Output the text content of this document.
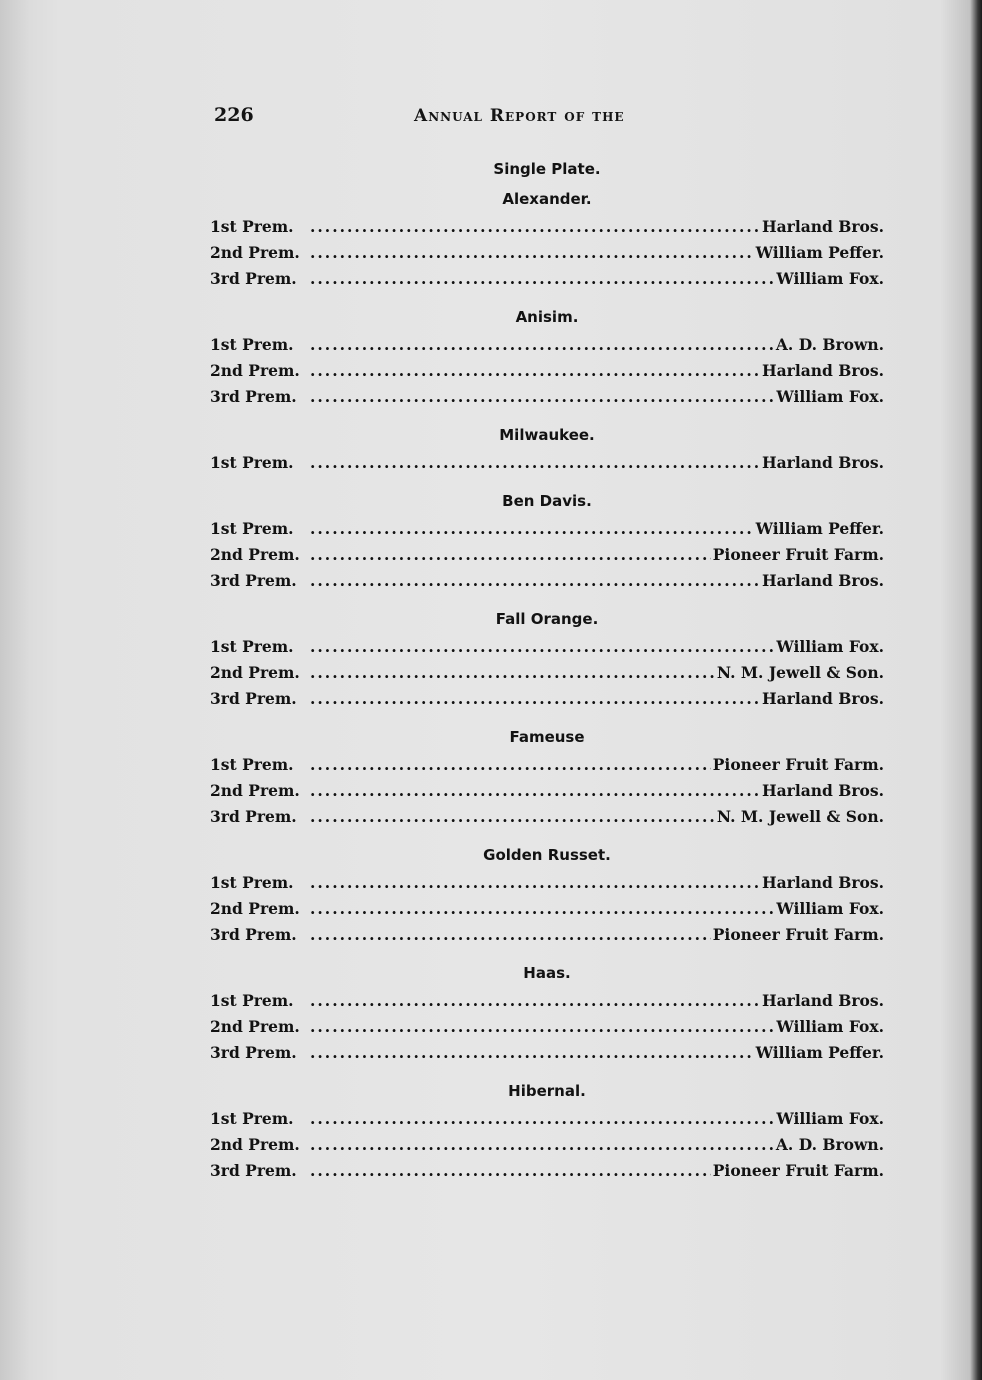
226	Annual Report of the
Single Plate.
Alexander.
1st Prem. .....	Harland Bros.
2nd Prem. .....	William Peffer.
3rd Prem. .....	William Fox.
Anisim.
1st Prem. .....	A. D. Brown.
2nd Prem. .....	Harland Bros.
3rd Prem. .....	William Fox.
Milwaukee.
1st Prem. .....	Harland Bros.
Ben Davis.
1st Prem. .....	William Peffer.
2nd Prem. .....	Pioneer Fruit Farm.
3rd Prem. .....	Harland Bros.
Fall Orange.
1st Prem. .....	William Fox.
2nd Prem. .....	N. M. Jewell & Son.
3rd Prem. .....	Harland Bros.
Fameuse
1st Prem. .....	Pioneer Fruit Farm.
2nd Prem. .....	Harland Bros.
3rd Prem. .....	N. M. Jewell & Son.
Golden Russet.
1st Prem. .....	Harland Bros.
2nd Prem. .....	William Fox.
3rd Prem. .....	Pioneer Fruit Farm.
Haas.
1st Prem. .....	Harland Bros.
2nd Prem. .....	William Fox.
3rd Prem. .....	William Peffer.
Hibernal.
1st Prem. .....	William Fox.
2nd Prem. .....	A. D. Brown.
3rd Prem. .....	Pioneer Fruit Farm.
